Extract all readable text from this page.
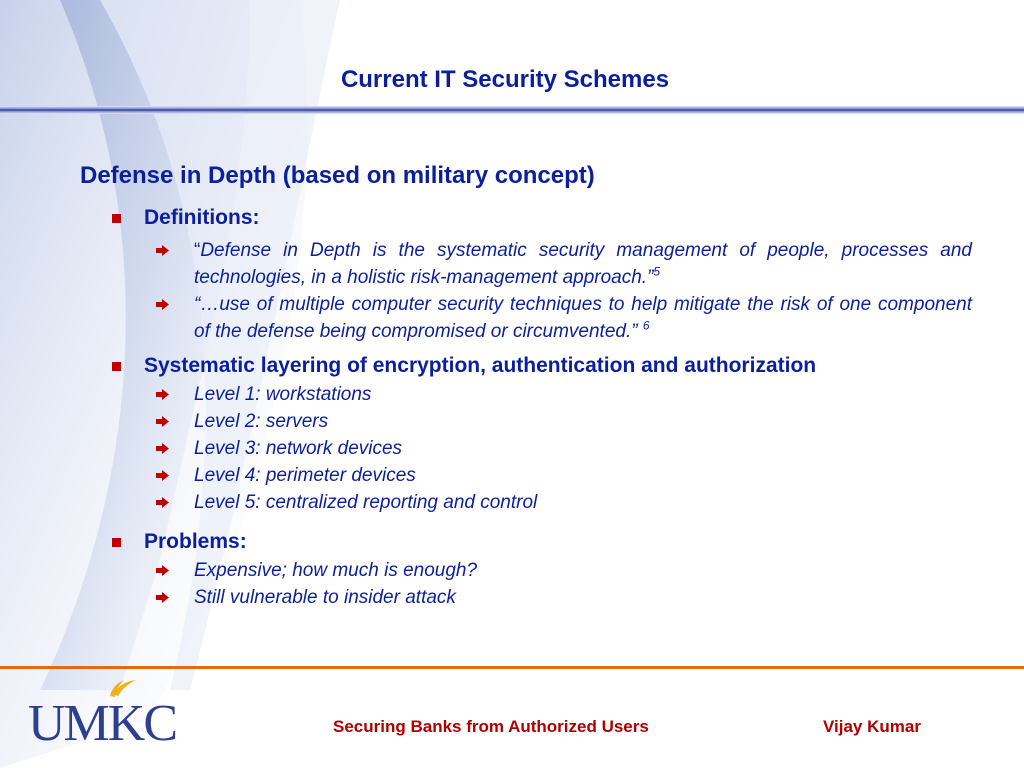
Current IT Security Schemes
Defense in Depth (based on military concept)
Definitions:
“Defense in Depth is the systematic security management of people, processes and technologies, in a holistic risk-management approach.”$^5$
“…use of multiple computer security techniques to help mitigate the risk of one component of the defense being compromised or circumvented.” $^6$
Systematic layering of encryption, authentication and authorization
Level 1: workstations
Level 2: servers
Level 3: network devices
Level 4: perimeter devices
Level 5: centralized reporting and control
Problems:
Expensive; how much is enough?
Still vulnerable to insider attack
UMKC	Securing Banks from Authorized Users	Vijay Kumar
